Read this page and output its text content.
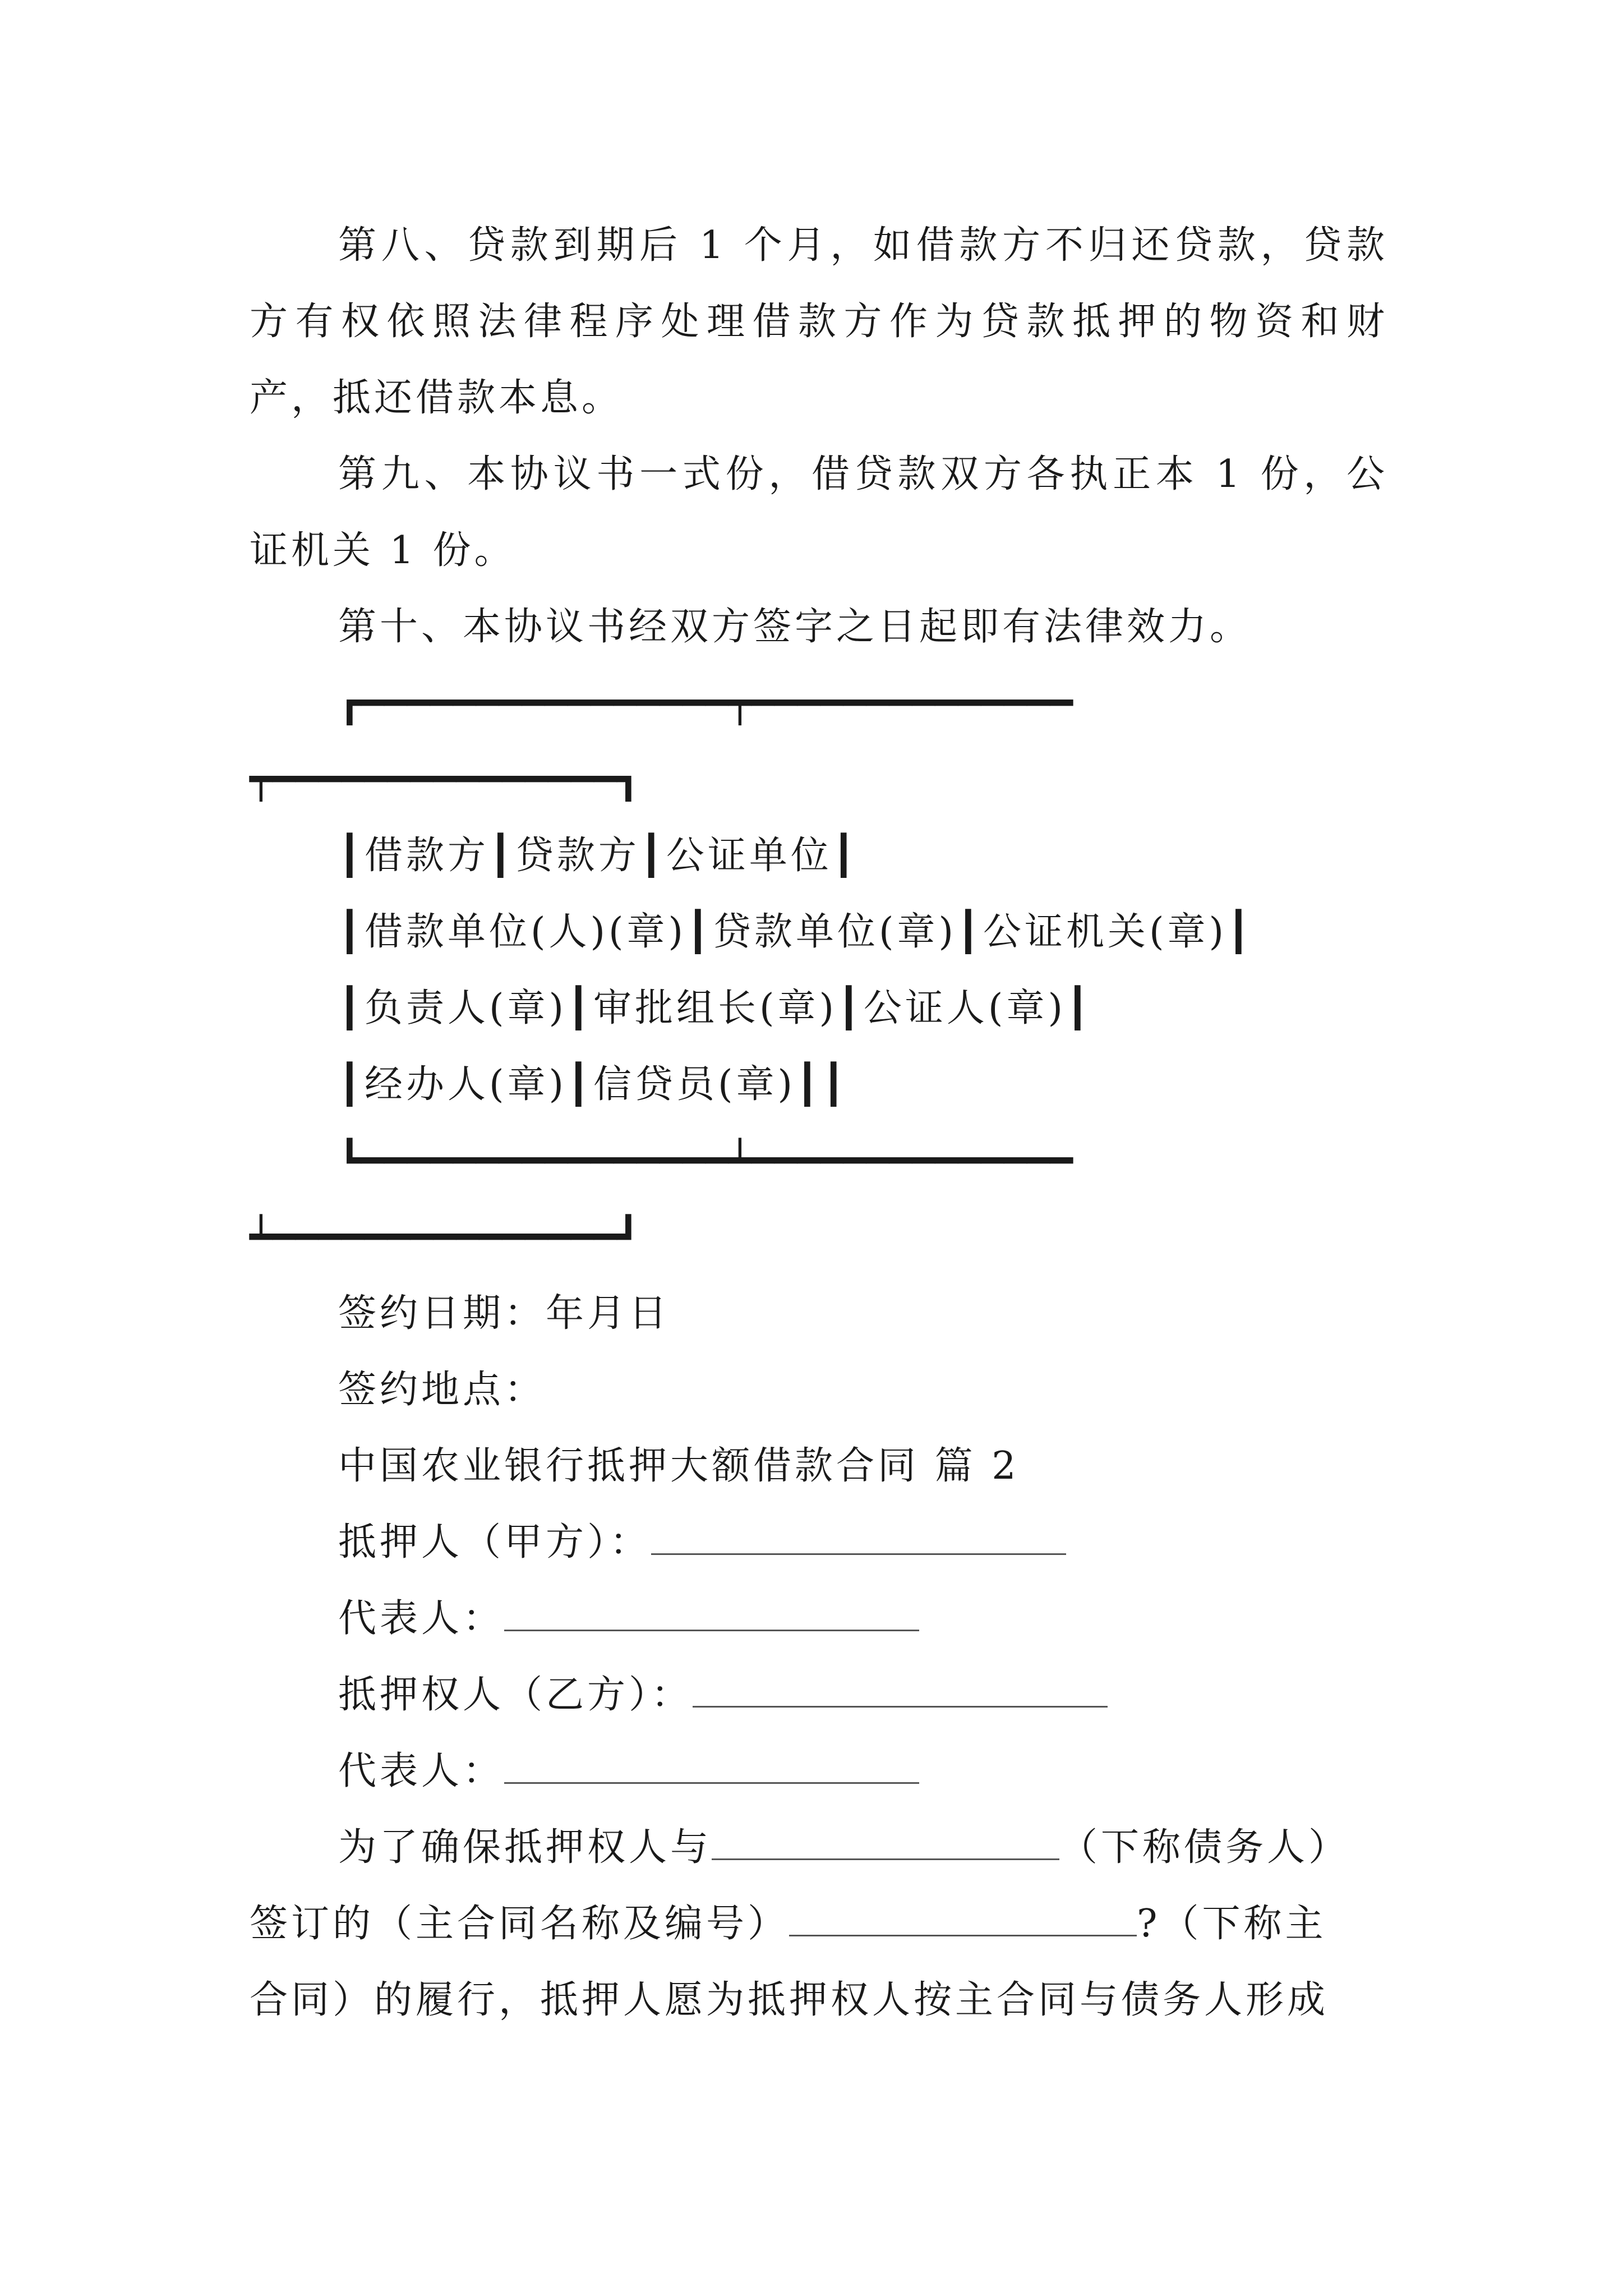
第八、贷款到期后 1 个月，如借款方不归还贷款，贷款
方有权依照法律程序处理借款方作为贷款抵押的物资和财
产，抵还借款本息。
第九、本协议书一式份，借贷款双方各执正本 1 份，公
证机关 1 份。
第十、本协议书经双方签字之日起即有法律效力。
┏━━━━━━━━━━━━━━━━┯━━━━━━━━━━━━━━
┯━━━━━━━━━━━━━━━┓
┃借款方┃贷款方┃公证单位┃
┃借款单位(人)(章)┃贷款单位(章)┃公证机关(章)┃
┃负责人(章)┃审批组长(章)┃公证人(章)┃
┃经办人(章)┃信贷员(章)┃┃
┗━━━━━━━━━━━━━━━━┷━━━━━━━━━━━━━━
┷━━━━━━━━━━━━━━━┛
签约日期：年月日
签约地点：
中国农业银行抵押大额借款合同 篇 2
抵押人（甲方）：
代表人：
抵押权人（乙方）：
代表人：
为了确保抵押权人与	（下称债务人）
签订的（主合同名称及编号）	?（下称主
合同）的履行，抵押人愿为抵押权人按主合同与债务人形成
